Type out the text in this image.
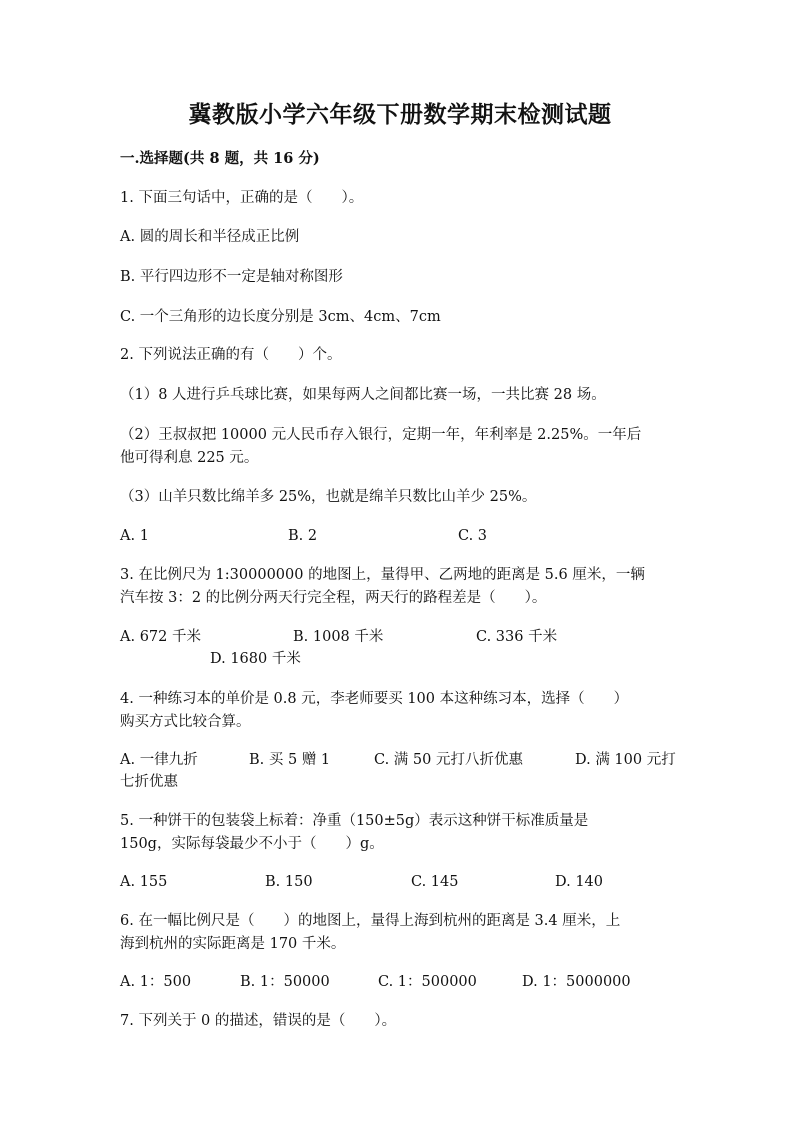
冀教版小学六年级下册数学期末检测试题
一.选择题(共 8 题，共 16 分)
1. 下面三句话中，正确的是（　　）。
A. 圆的周长和半径成正比例
B. 平行四边形不一定是轴对称图形
C. 一个三角形的边长度分别是 3cm、4cm、7cm
2. 下列说法正确的有（　　）个。
（1）8 人进行乒乓球比赛，如果每两人之间都比赛一场，一共比赛 28 场。
（2）王叔叔把 10000 元人民币存入银行，定期一年，年利率是 2.25%。一年后
他可得利息 225 元。
（3）山羊只数比绵羊多 25%，也就是绵羊只数比山羊少 25%。
A. 1	B. 2	C. 3
3. 在比例尺为 1:30000000 的地图上，量得甲、乙两地的距离是 5.6 厘米，一辆
汽车按 3：2 的比例分两天行完全程，两天行的路程差是（　　）。
A. 672 千米	B. 1008 千米	C. 336 千米
D. 1680 千米
4. 一种练习本的单价是 0.8 元，李老师要买 100 本这种练习本，选择（　　）
购买方式比较合算。
A. 一律九折	B. 买 5 赠 1	C. 满 50 元打八折优惠	D. 满 100 元打
七折优惠
5. 一种饼干的包装袋上标着：净重（150±5g）表示这种饼干标准质量是
150g，实际每袋最少不小于（　　）g。
A. 155	B. 150	C. 145	D. 140
6. 在一幅比例尺是（　　）的地图上，量得上海到杭州的距离是 3.4 厘米，上
海到杭州的实际距离是 170 千米。
A. 1：500	B. 1：50000	C. 1：500000	D. 1：5000000
7. 下列关于 0 的描述，错误的是（　　）。
